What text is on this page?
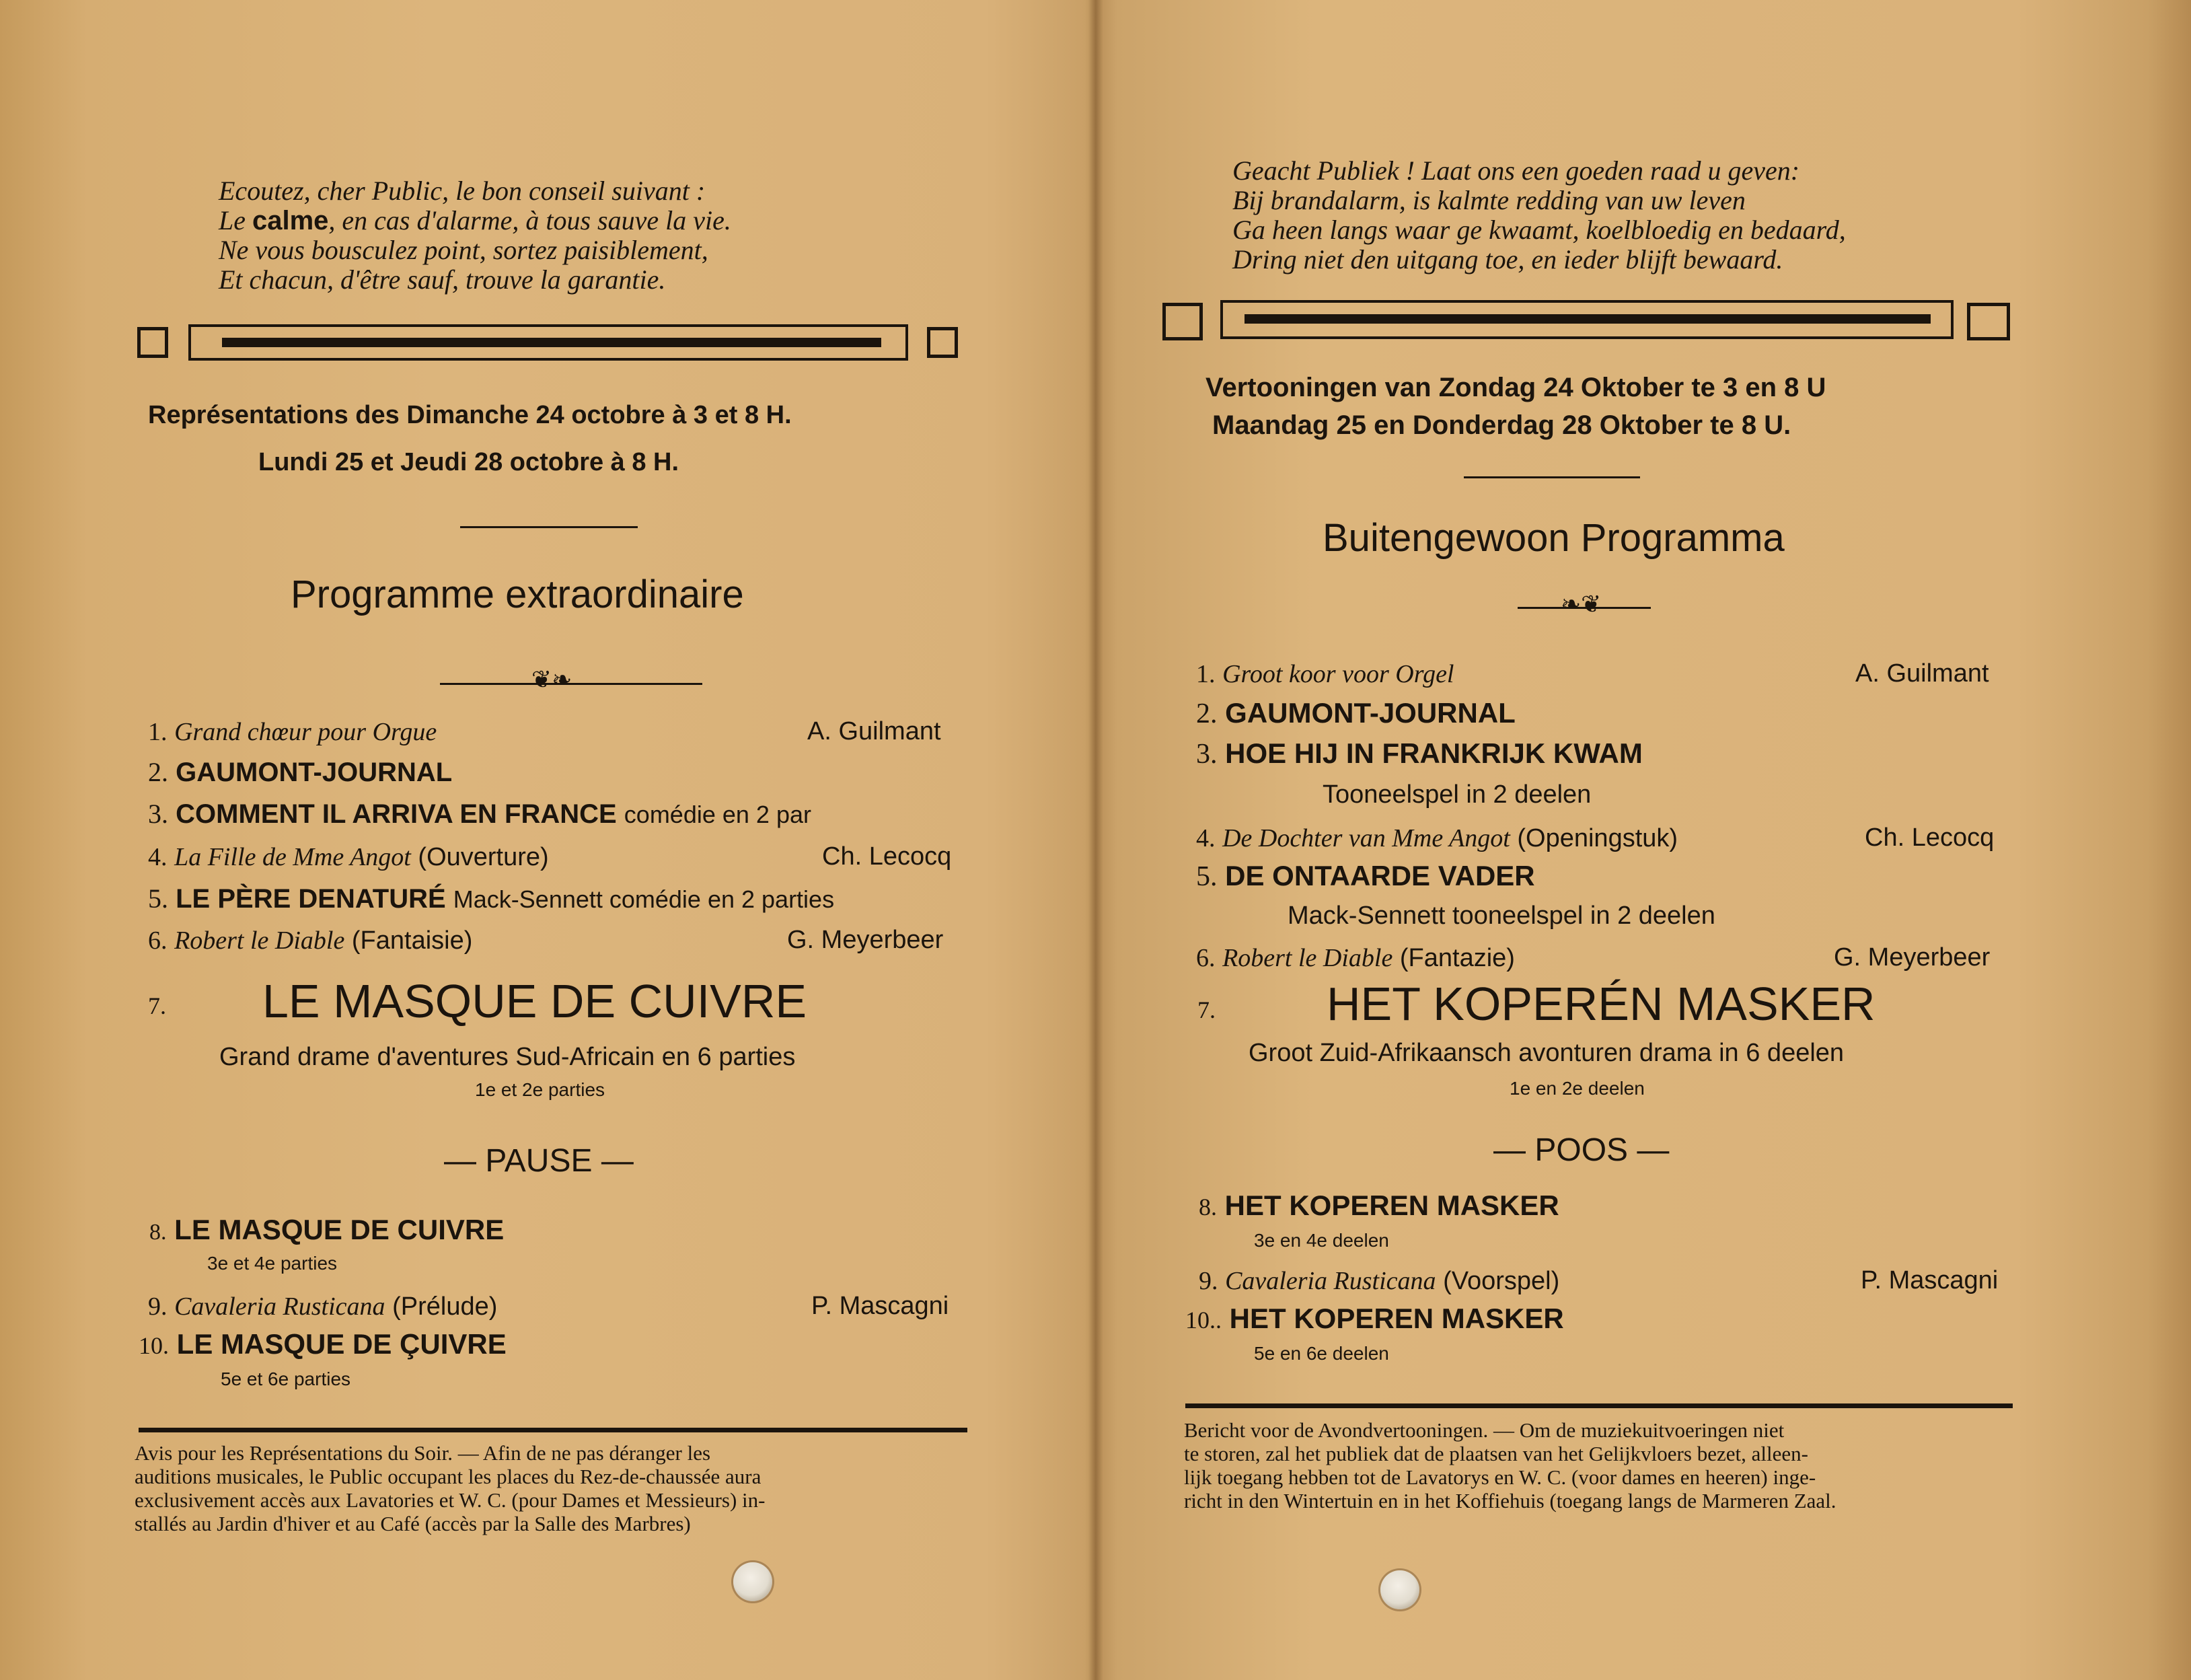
Ecoutez, cher Public, le bon conseil suivant :
Le calme, en cas d'alarme, à tous sauve la vie.
Ne vous bousculez point, sortez paisiblement,
Et chacun, d'être sauf, trouve la garantie.
Représentations des Dimanche 24 octobre à 3 et 8 H.
Lundi 25 et Jeudi 28 octobre à 8 H.
Programme extraordinaire
❦❧
1. Grand chœur pour Orgue	A. Guilmant
2. GAUMONT-JOURNAL
3. COMMENT IL ARRIVA EN FRANCE comédie en 2 par
4. La Fille de Mme Angot (Ouverture)	Ch. Lecocq
5. LE PÈRE DENATURÉ Mack-Sennett comédie en 2 parties
6. Robert le Diable (Fantaisie)	G. Meyerbeer
7. LE MASQUE DE CUIVRE
Grand drame d'aventures Sud-Africain en 6 parties
1e et 2e parties
— PAUSE —
8. LE MASQUE DE CUIVRE
3e et 4e parties
9. Cavaleria Rusticana (Prélude)	P. Mascagni
10. LE MASQUE DE ÇUIVRE
5e et 6e parties
Avis pour les Représentations du Soir. — Afin de ne pas déranger les
auditions musicales, le Public occupant les places du Rez-de-chaussée aura
exclusivement accès aux Lavatories et W. C. (pour Dames et Messieurs) in-
stallés au Jardin d'hiver et au Café (accès par la Salle des Marbres)
Geacht Publiek ! Laat ons een goeden raad u geven:
Bij brandalarm, is kalmte redding van uw leven
Ga heen langs waar ge kwaamt, koelbloedig en bedaard,
Dring niet den uitgang toe, en ieder blijft bewaard.
Vertooningen van Zondag 24 Oktober te 3 en 8 U
Maandag 25 en Donderdag 28 Oktober te 8 U.
Buitengewoon Programma
❧❦
1. Groot koor voor Orgel	A. Guilmant
2. GAUMONT-JOURNAL
3. HOE HIJ IN FRANKRIJK KWAM
Tooneelspel in 2 deelen
4. De Dochter van Mme Angot (Openingstuk)	Ch. Lecocq
5. DE ONTAARDE VADER
Mack-Sennett tooneelspel in 2 deelen
6. Robert le Diable (Fantazie)	G. Meyerbeer
7. HET KOPERÉN MASKER
Groot Zuid-Afrikaansch avonturen drama in 6 deelen
1e en 2e deelen
— POOS —
8. HET KOPEREN MASKER
3e en 4e deelen
9. Cavaleria Rusticana (Voorspel)	P. Mascagni
10.. HET KOPEREN MASKER
5e en 6e deelen
Bericht voor de Avondvertooningen. — Om de muziekuitvoeringen niet
te storen, zal het publiek dat de plaatsen van het Gelijkvloers bezet, alleen-
lijk toegang hebben tot de Lavatorys en W. C. (voor dames en heeren) inge-
richt in den Wintertuin en in het Koffiehuis (toegang langs de Marmeren Zaal.
